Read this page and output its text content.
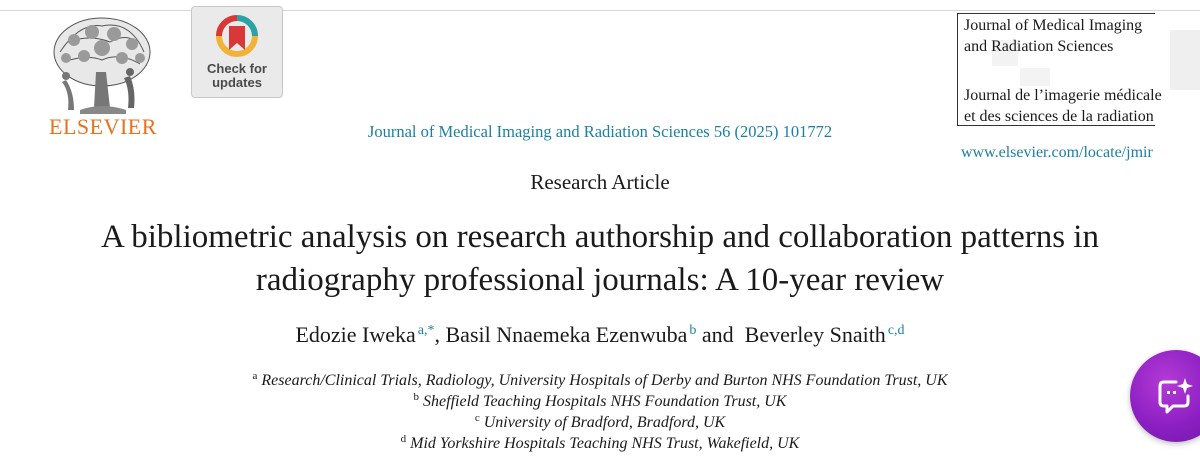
ELSEVIER
Check for
updates
Journal of Medical Imaging and Radiation Sciences 56 (2025) 101772
Journal of Medical Imaging
and Radiation Sciences
Journal de l’imagerie médicale
et des sciences de la radiation
www.elsevier.com/locate/jmir
Research Article
A bibliometric analysis on research authorship and collaboration patterns in
radiography professional journals: A 10-year review
Edozie Iweka $^{a,*}$, Basil Nnaemeka Ezenwuba $^b$ and Beverley Snaith $^{c,d}$
$^a$ Research/Clinical Trials, Radiology, University Hospitals of Derby and Burton NHS Foundation Trust, UK
$^b$ Sheffield Teaching Hospitals NHS Foundation Trust, UK
$^c$ University of Bradford, Bradford, UK
$^d$ Mid Yorkshire Hospitals Teaching NHS Trust, Wakefield, UK
